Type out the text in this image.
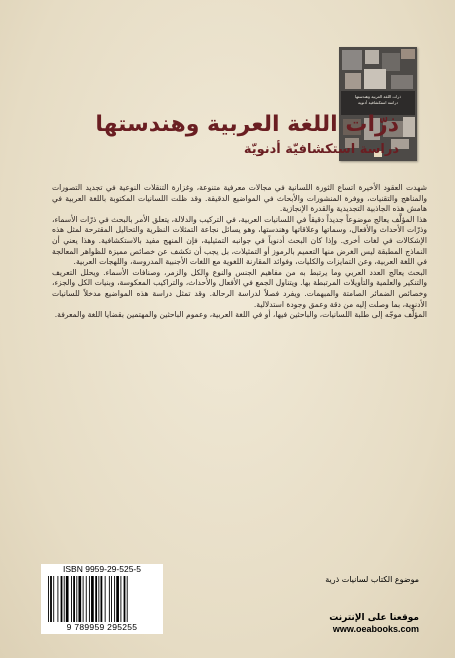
ذرات اللغة العربية وهندستها
دراسة استكشافية أدنوية
ذرّات اللغة العربية وهندستها
دراسة استكشافيّة أدنويّة

شهدت العقود الأخيرة اتساع الثورة اللسانية في مجالات معرفية متنوعة، وغزارة التنقلات النوعية في تجديد التصورات والمناهج والتقنيات، ووفرة المنشورات والأبحاث في المواضيع الدقيقة. وقد ظلت اللسانيات المكتوبة باللغة العربية في هامش هذه الجاذبية التجديدية والقدرة الإنجازية.

هذا المؤلَّف يعالج موضوعاً جديداً دقيقاً في اللسانيات العربية، في التركيب والدلالة، يتعلق الأمر بالبحث في ذرّات الأسماء، وذرّات الأحداث والأفعال، وسماتها وعلاقاتها وهندستها، وهو يسائل نجاعة التمثلات النظرية والتحاليل المقترحة لمثل هذه الإشكالات في لغات أخرى. وإذا كان البحث أدنوياً في جوانبه التمثيلية، فإن المنهج مفيد بالاستكشافية. وهذا يعني أن النماذج المطبقة ليس الغرض منها التعميم بالرموز أو التمثيلات، بل يجب أن تكشف عن خصائص مميزة للظواهر المعالجة في اللغة العربية، وعن التمايزات والكليات، وفوائد المقارنة اللغوية مع اللغات الأجنبية المدروسة، واللهجات العربية.

البحث يعالج العدد العربي وما يرتبط به من مفاهيم الجنس والنوع والكل والزمر، وصنافات الأسماء. ويحلل التعريف والتنكير والعلمية والتأويلات المرتبطة بها. ويتناول الجمع في الأفعال والأحداث، والتراكيب المعكوسة، وبنيات الكل والجزء، وخصائص الضمائر الصامتة والمبهمات. ويفرد فصلاً لدراسة الرحالة. وقد تمثل دراسة هذه المواضيع مدخلاً للسانيات الأدنوية، بما وصلت إليه من دقة وعمق وجودة استدلالية.

المؤلَّف موجّه إلى طلبة اللسانيات، والباحثين فيها، أو في اللغة العربية، وعموم الباحثين والمهتمين بقضايا اللغة والمعرفة.

ISBN 9959-29-525-5
9 789959 295255
موضوع الكتاب لسانيات ذرية
موقعنا على الإنترنت
www.oeabooks.com
